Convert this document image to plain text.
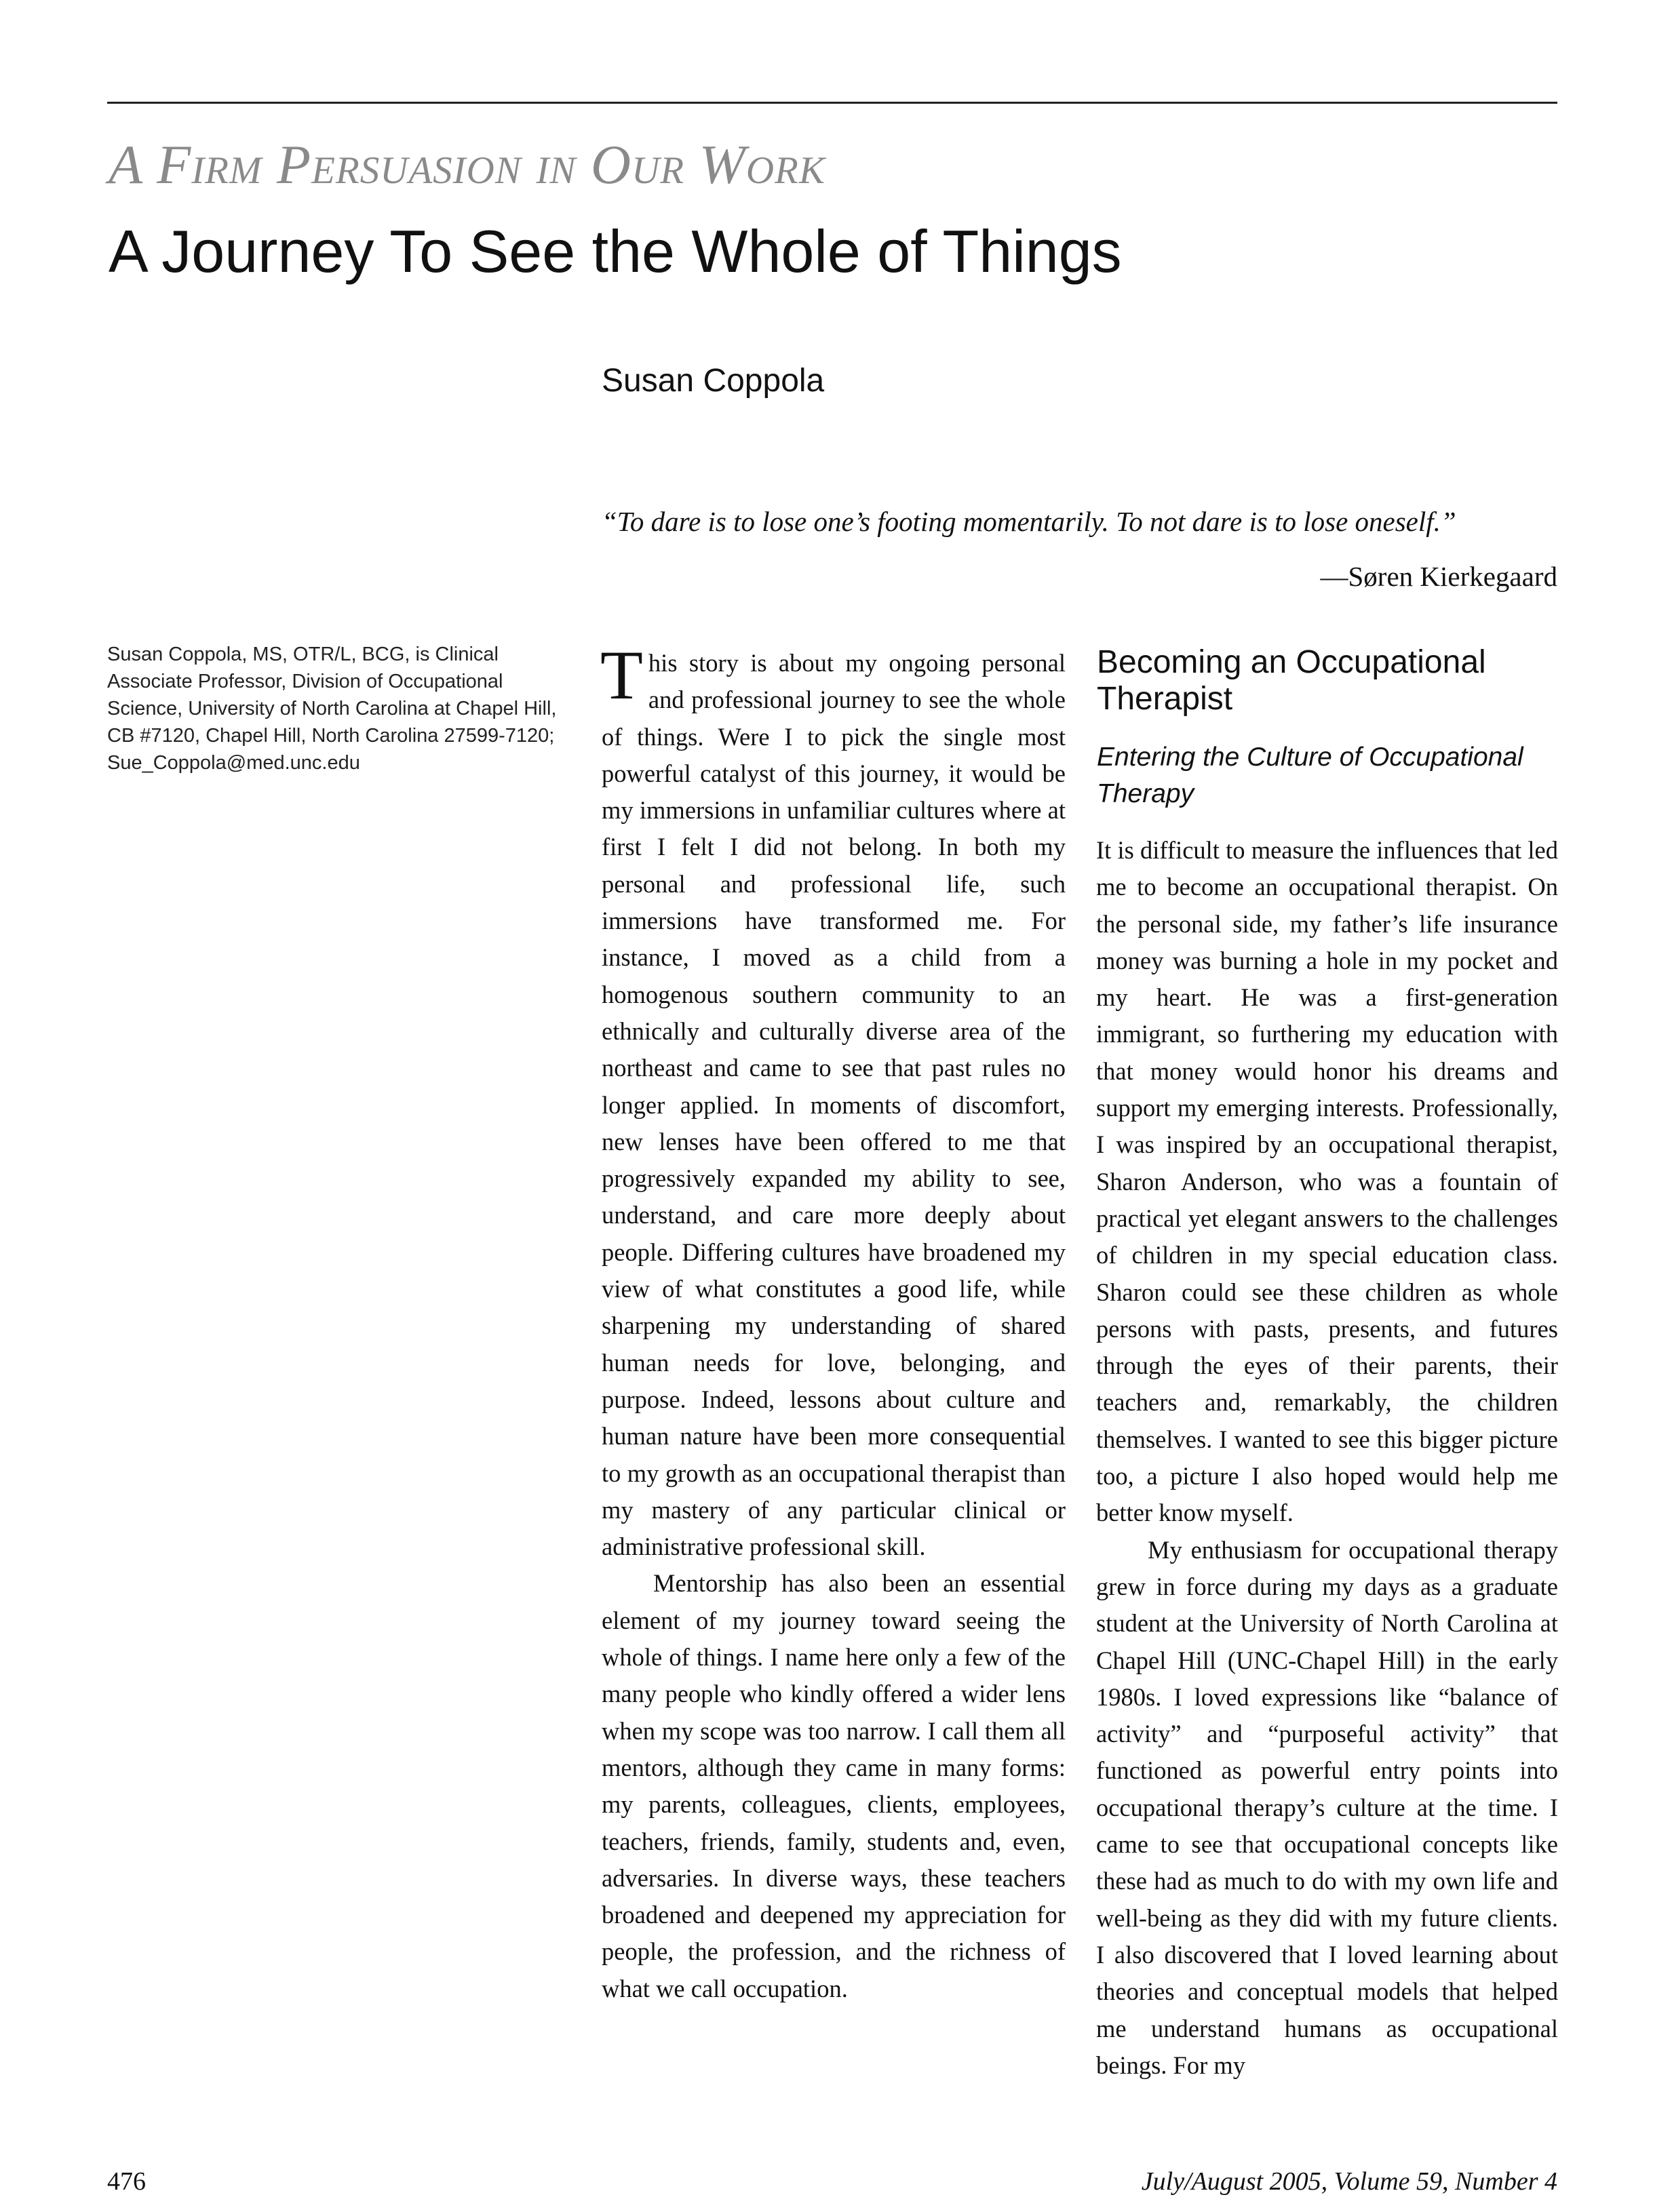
A Firm Persuasion in Our Work
A Journey To See the Whole of Things
Susan Coppola
“To dare is to lose one’s footing momentarily. To not dare is to lose oneself.”
—Søren Kierkegaard
Susan Coppola, MS, OTR/L, BCG, is Clinical Associate Professor, Division of Occupational Science, University of North Carolina at Chapel Hill, CB #7120, Chapel Hill, North Carolina 27599-7120; Sue_Coppola@med.unc.edu

This story is about my ongoing personal and professional journey to see the whole of things. Were I to pick the single most powerful catalyst of this journey, it would be my immersions in unfamiliar cultures where at first I felt I did not belong. In both my personal and professional life, such immersions have transformed me. For instance, I moved as a child from a homogenous southern community to an ethnically and culturally diverse area of the northeast and came to see that past rules no longer applied. In moments of discomfort, new lenses have been offered to me that progressively expanded my ability to see, understand, and care more deeply about people. Differing cultures have broadened my view of what constitutes a good life, while sharpening my understanding of shared human needs for love, belonging, and purpose. Indeed, lessons about culture and human nature have been more consequential to my growth as an occupational therapist than my mastery of any particular clinical or administrative professional skill.

Mentorship has also been an essential element of my journey toward seeing the whole of things. I name here only a few of the many people who kindly offered a wider lens when my scope was too narrow. I call them all mentors, although they came in many forms: my parents, colleagues, clients, employees, teachers, friends, family, students and, even, adversaries. In diverse ways, these teachers broadened and deepened my appreciation for people, the profession, and the richness of what we call occupation.

Becoming an Occupational Therapist
Entering the Culture of Occupational Therapy

It is difficult to measure the influences that led me to become an occupational therapist. On the personal side, my father’s life insurance money was burning a hole in my pocket and my heart. He was a first-generation immigrant, so furthering my education with that money would honor his dreams and support my emerging interests. Professionally, I was inspired by an occupational therapist, Sharon Anderson, who was a fountain of practical yet elegant answers to the challenges of children in my special education class. Sharon could see these children as whole persons with pasts, presents, and futures through the eyes of their parents, their teachers and, remarkably, the children themselves. I wanted to see this bigger picture too, a picture I also hoped would help me better know myself.

My enthusiasm for occupational therapy grew in force during my days as a graduate student at the University of North Carolina at Chapel Hill (UNC-Chapel Hill) in the early 1980s. I loved expressions like “balance of activity” and “purposeful activity” that functioned as powerful entry points into occupational therapy’s culture at the time. I came to see that occupational concepts like these had as much to do with my own life and well-being as they did with my future clients. I also discovered that I loved learning about theories and conceptual models that helped me understand humans as occupational beings. For my

476	July/August 2005, Volume 59, Number 4
